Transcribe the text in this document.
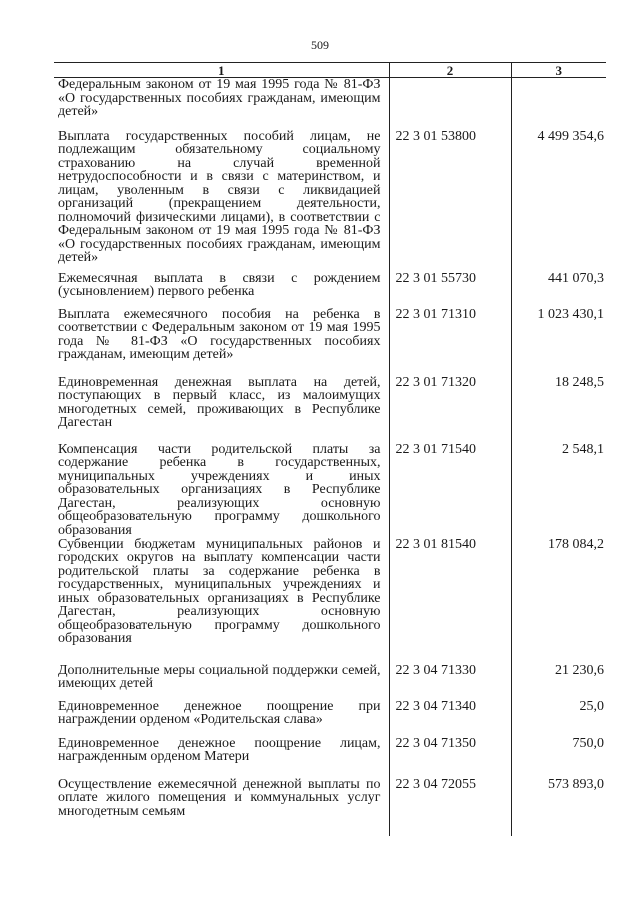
509
1	2	3

Федеральным законом от 19 мая 1995 года № 81-ФЗ «О государственных пособиях гражданам, имеющим детей»		

Выплата государственных пособий лицам, не подлежащим обязательному социальному страхованию на случай временной нетрудоспособности и в связи с материнством, и лицам, уволенным в связи с ликвидацией организаций (прекращением деятельности, полномочий физическими лицами), в соответствии с Федеральным законом от 19 мая 1995 года № 81-ФЗ «О государственных пособиях гражданам, имеющим детей»	22 3 01 53800	4 499 354,6

Ежемесячная выплата в связи с рождением (усыновлением) первого ребенка	22 3 01 55730	441 070,3

Выплата ежемесячного пособия на ребенка в соответствии с Федеральным законом от 19 мая 1995 года № 81-ФЗ «О государственных пособиях гражданам, имеющим детей»	22 3 01 71310	1 023 430,1

Единовременная денежная выплата на детей, поступающих в первый класс, из малоимущих многодетных семей, проживающих в Республике Дагестан	22 3 01 71320	18 248,5

Компенсация части родительской платы за содержание ребенка в государственных, муниципальных учреждениях и иных образовательных организациях в Республике Дагестан, реализующих основную общеобразовательную программу дошкольного образования	22 3 01 71540	2 548,1

Субвенции бюджетам муниципальных районов и городских округов на выплату компенсации части родительской платы за содержание ребенка в государственных, муниципальных учреждениях и иных образовательных организациях в Республике Дагестан, реализующих основную общеобразовательную программу дошкольного образования	22 3 01 81540	178 084,2

Дополнительные меры социальной поддержки семей, имеющих детей	22 3 04 71330	21 230,6

Единовременное денежное поощрение при награждении орденом «Родительская слава»	22 3 04 71340	25,0

Единовременное денежное поощрение лицам, награжденным орденом Матери	22 3 04 71350	750,0

Осуществление ежемесячной денежной выплаты по оплате жилого помещения и коммунальных услуг многодетным семьям	22 3 04 72055	573 893,0
